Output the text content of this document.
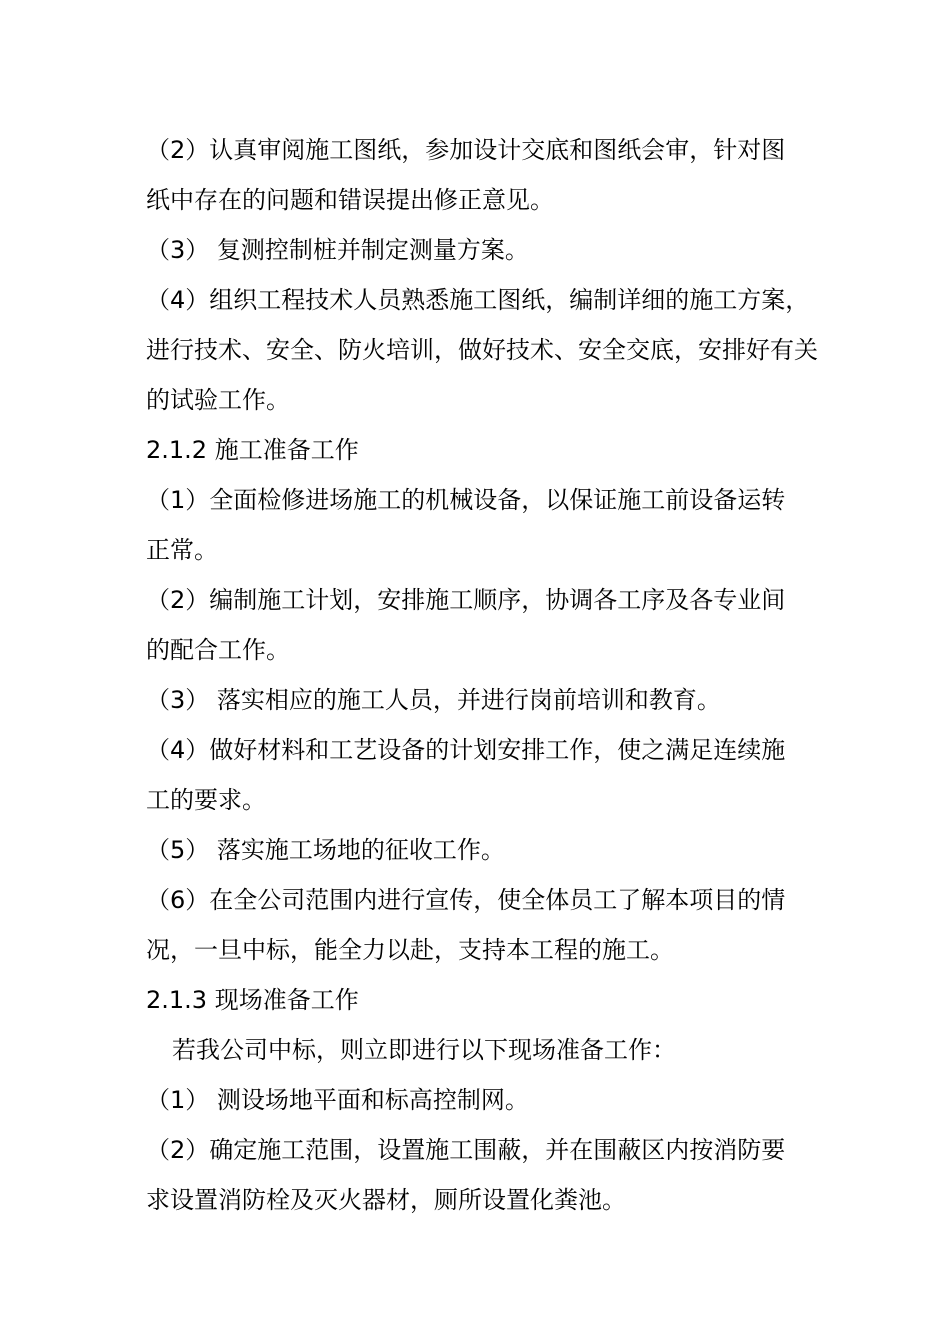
（2）认真审阅施工图纸，参加设计交底和图纸会审，针对图
纸中存在的问题和错误提出修正意见。
（3） 复测控制桩并制定测量方案。
（4）组织工程技术人员熟悉施工图纸，编制详细的施工方案，
进行技术、安全、防火培训，做好技术、安全交底，安排好有关
的试验工作。
2.1.2 施工准备工作
（1）全面检修进场施工的机械设备，以保证施工前设备运转
正常。
（2）编制施工计划，安排施工顺序，协调各工序及各专业间
的配合工作。
（3） 落实相应的施工人员，并进行岗前培训和教育。
（4）做好材料和工艺设备的计划安排工作，使之满足连续施
工的要求。
（5） 落实施工场地的征收工作。
（6）在全公司范围内进行宣传，使全体员工了解本项目的情
况，一旦中标，能全力以赴，支持本工程的施工。
2.1.3 现场准备工作
若我公司中标，则立即进行以下现场准备工作：
（1） 测设场地平面和标高控制网。
（2）确定施工范围，设置施工围蔽，并在围蔽区内按消防要
求设置消防栓及灭火器材，厕所设置化粪池。
